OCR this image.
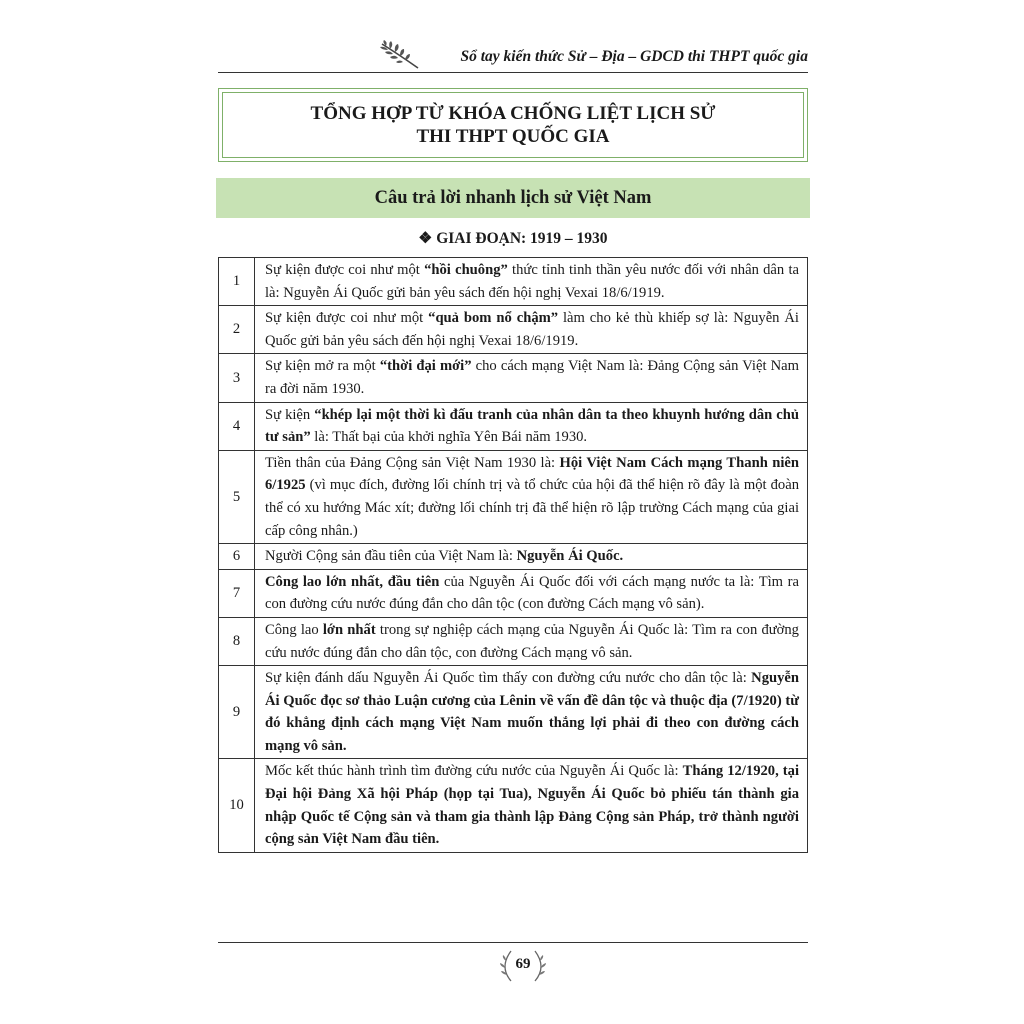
Sổ tay kiến thức Sử – Địa – GDCD thi THPT quốc gia
TỔNG HỢP TỪ KHÓA CHỐNG LIỆT LỊCH SỬ
THI THPT QUỐC GIA
Câu trả lời nhanh lịch sử Việt Nam
❖ GIAI ĐOẠN: 1919 – 1930
1	Sự kiện được coi như một “hồi chuông” thức tỉnh tinh thần yêu nước đối với nhân dân ta là: Nguyễn Ái Quốc gửi bản yêu sách đến hội nghị Vexai 18/6/1919.
2	Sự kiện được coi như một “quả bom nổ chậm” làm cho kẻ thù khiếp sợ là: Nguyễn Ái Quốc gửi bản yêu sách đến hội nghị Vexai 18/6/1919.
3	Sự kiện mở ra một “thời đại mới” cho cách mạng Việt Nam là: Đảng Cộng sản Việt Nam ra đời năm 1930.
4	Sự kiện “khép lại một thời kì đấu tranh của nhân dân ta theo khuynh hướng dân chủ tư sản” là: Thất bại của khởi nghĩa Yên Bái năm 1930.
5	Tiền thân của Đảng Cộng sản Việt Nam 1930 là: Hội Việt Nam Cách mạng Thanh niên 6/1925 (vì mục đích, đường lối chính trị và tổ chức của hội đã thể hiện rõ đây là một đoàn thể có xu hướng Mác xít; đường lối chính trị đã thể hiện rõ lập trường Cách mạng của giai cấp công nhân.)
6	Người Cộng sản đầu tiên của Việt Nam là: Nguyễn Ái Quốc.
7	Công lao lớn nhất, đầu tiên của Nguyễn Ái Quốc đối với cách mạng nước ta là: Tìm ra con đường cứu nước đúng đắn cho dân tộc (con đường Cách mạng vô sản).
8	Công lao lớn nhất trong sự nghiệp cách mạng của Nguyễn Ái Quốc là: Tìm ra con đường cứu nước đúng đắn cho dân tộc, con đường Cách mạng vô sản.
9	Sự kiện đánh dấu Nguyễn Ái Quốc tìm thấy con đường cứu nước cho dân tộc là: Nguyễn Ái Quốc đọc sơ thảo Luận cương của Lênin về vấn đề dân tộc và thuộc địa (7/1920) từ đó khẳng định cách mạng Việt Nam muốn thắng lợi phải đi theo con đường cách mạng vô sản.
10	Mốc kết thúc hành trình tìm đường cứu nước của Nguyễn Ái Quốc là: Tháng 12/1920, tại Đại hội Đảng Xã hội Pháp (họp tại Tua), Nguyễn Ái Quốc bỏ phiếu tán thành gia nhập Quốc tế Cộng sản và tham gia thành lập Đảng Cộng sản Pháp, trở thành người cộng sản Việt Nam đầu tiên.
69
